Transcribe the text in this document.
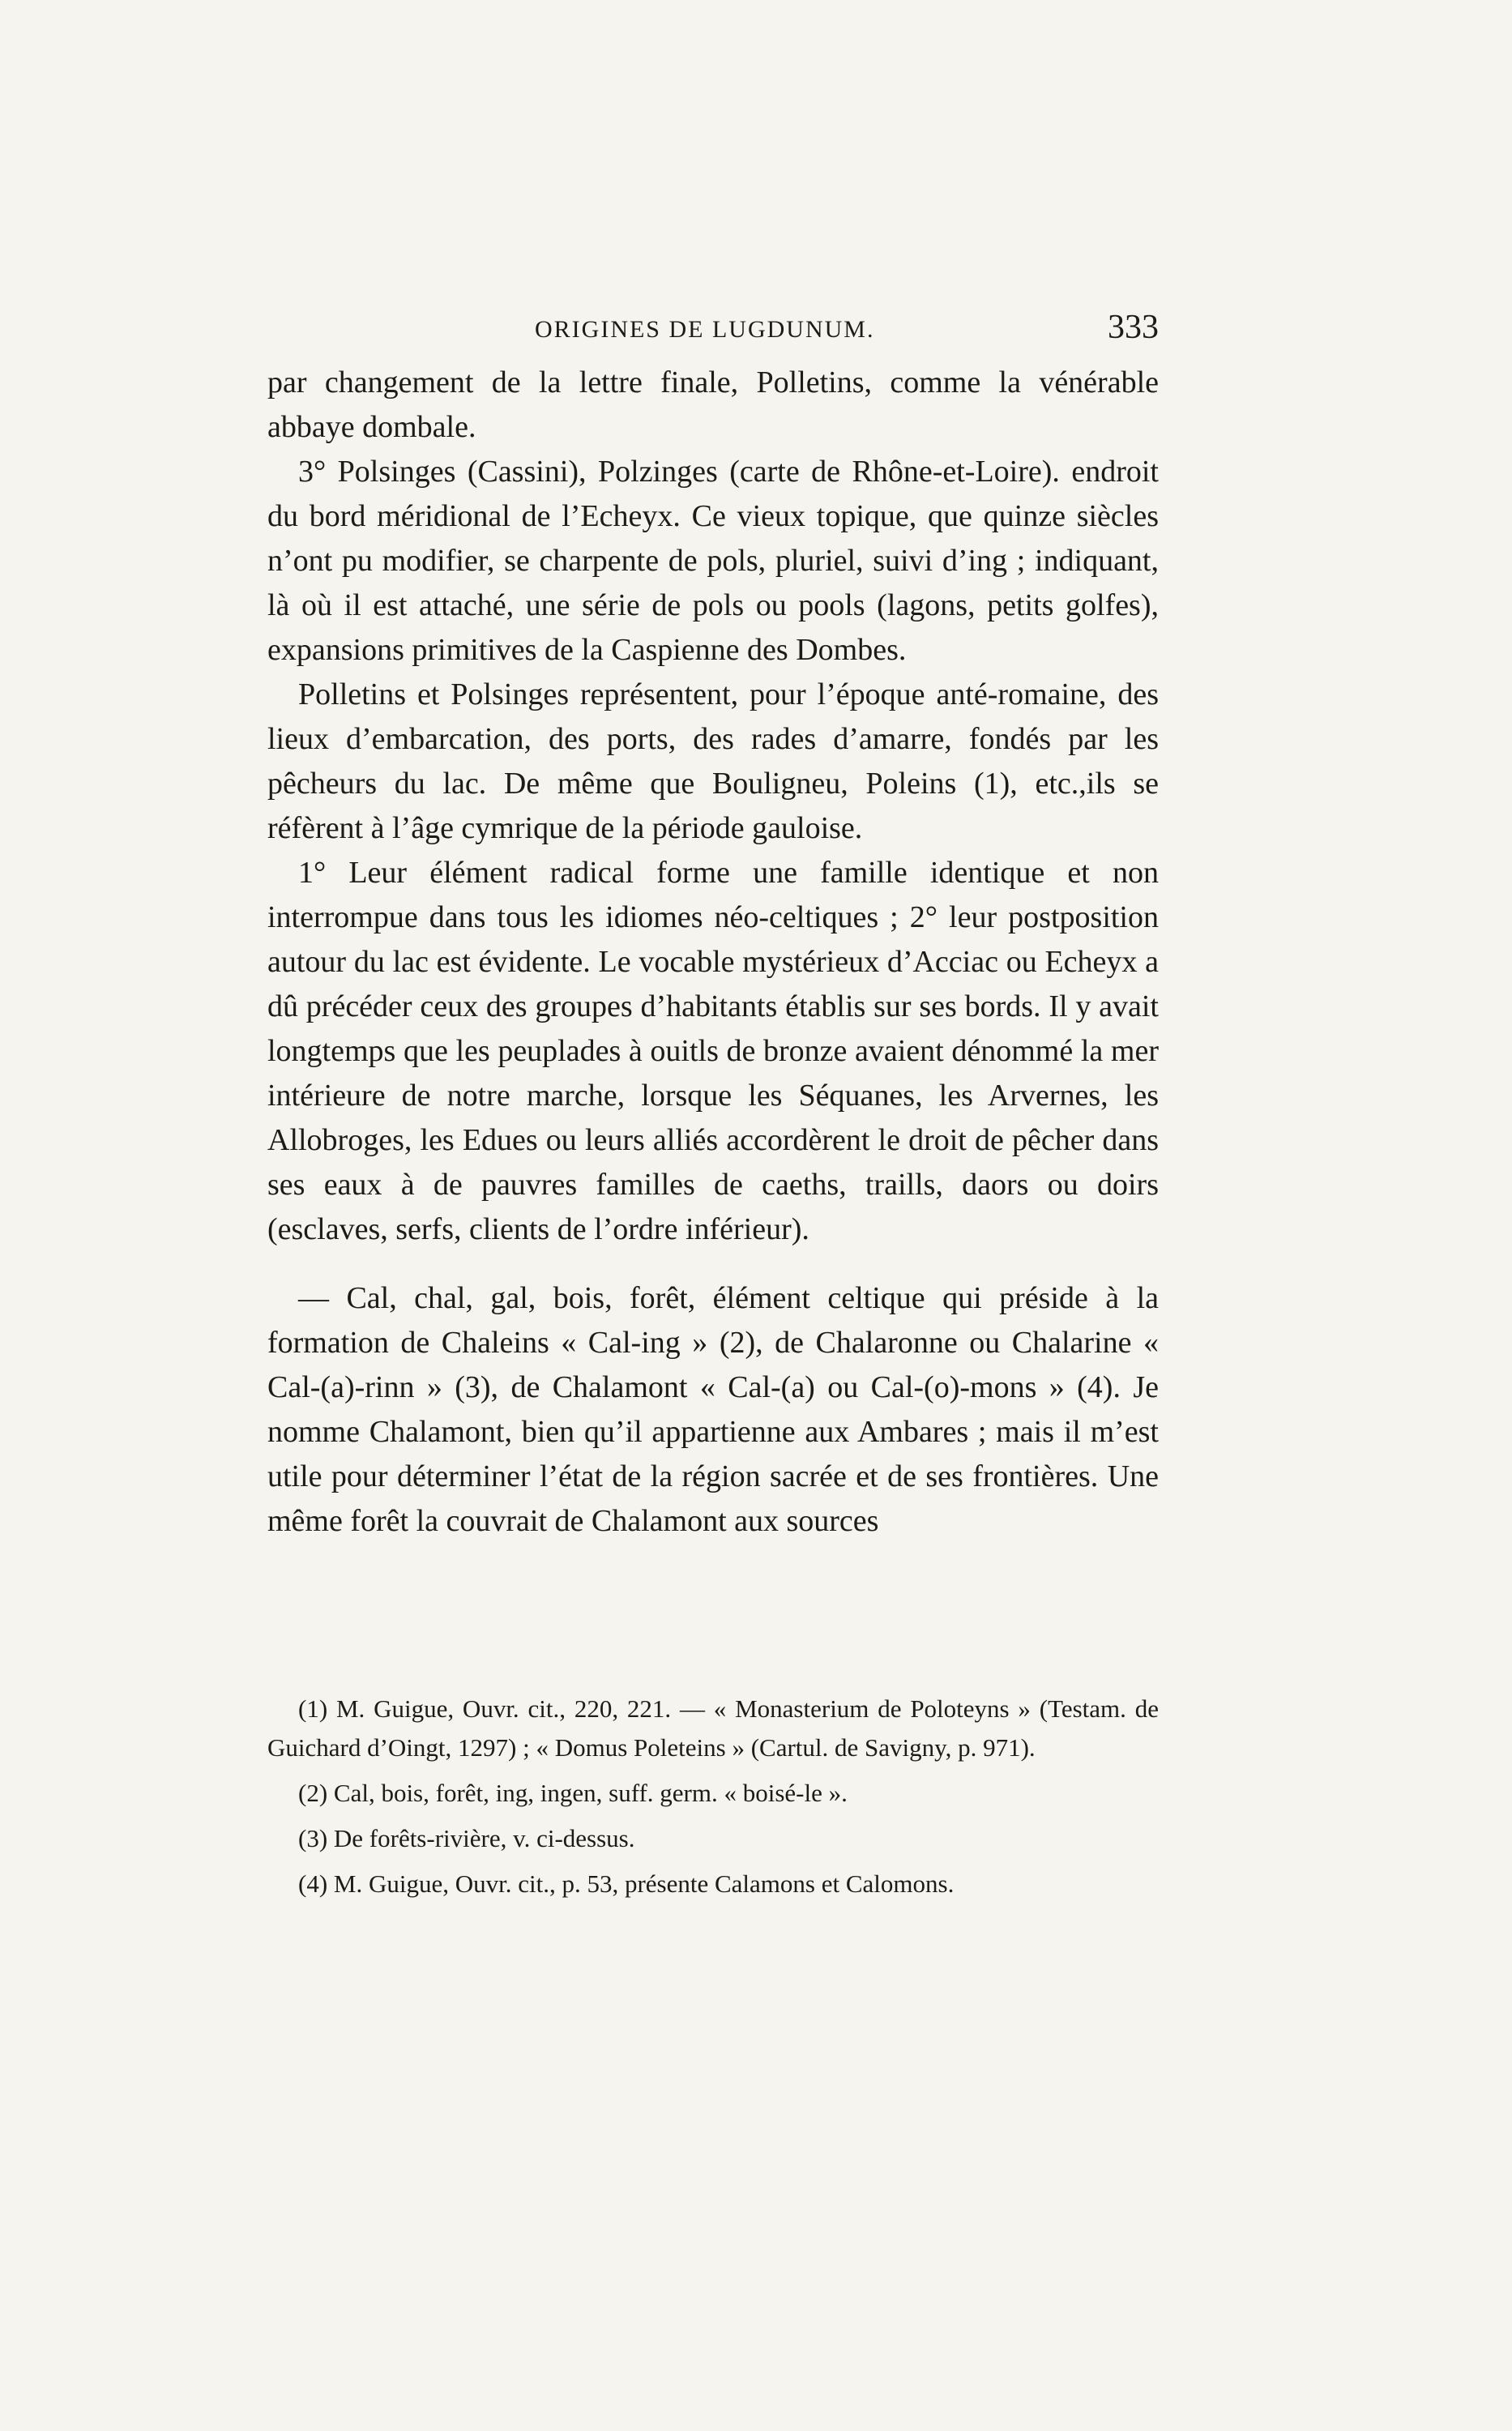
ORIGINES DE LUGDUNUM.	333

par changement de la lettre finale, Polletins, comme la vénérable abbaye dombale.

3° Polsinges (Cassini), Polzinges (carte de Rhône-et-Loire). endroit du bord méridional de l’Echeyx. Ce vieux topique, que quinze siècles n’ont pu modifier, se charpente de pols, pluriel, suivi d’ing ; indiquant, là où il est attaché, une série de pols ou pools (lagons, petits golfes), expansions primitives de la Caspienne des Dombes.

Polletins et Polsinges représentent, pour l’époque anté-romaine, des lieux d’embarcation, des ports, des rades d’amarre, fondés par les pêcheurs du lac. De même que Bouligneu, Poleins (1), etc.,ils se réfèrent à l’âge cymrique de la période gauloise.

1° Leur élément radical forme une famille identique et non interrompue dans tous les idiomes néo-celtiques ; 2° leur postposition autour du lac est évidente. Le vocable mystérieux d’Acciac ou Echeyx a dû précéder ceux des groupes d’habitants établis sur ses bords. Il y avait longtemps que les peuplades à ouitls de bronze avaient dénommé la mer intérieure de notre marche, lorsque les Séquanes, les Arvernes, les Allobroges, les Edues ou leurs alliés accordèrent le droit de pêcher dans ses eaux à de pauvres familles de caeths, traills, daors ou doirs (esclaves, serfs, clients de l’ordre inférieur).

— Cal, chal, gal, bois, forêt, élément celtique qui préside à la formation de Chaleins « Cal-ing » (2), de Chalaronne ou Chalarine « Cal-(a)-rinn » (3), de Chalamont « Cal-(a) ou Cal-(o)-mons » (4). Je nomme Chalamont, bien qu’il appartienne aux Ambares ; mais il m’est utile pour déterminer l’état de la région sacrée et de ses frontières. Une même forêt la couvrait de Chalamont aux sources

(1) M. Guigue, Ouvr. cit., 220, 221. — « Monasterium de Poloteyns » (Testam. de Guichard d’Oingt, 1297) ; « Domus Poleteins » (Cartul. de Savigny, p. 971).

(2) Cal, bois, forêt, ing, ingen, suff. germ. « boisé-le ».

(3) De forêts-rivière, v. ci-dessus.

(4) M. Guigue, Ouvr. cit., p. 53, présente Calamons et Calomons.
